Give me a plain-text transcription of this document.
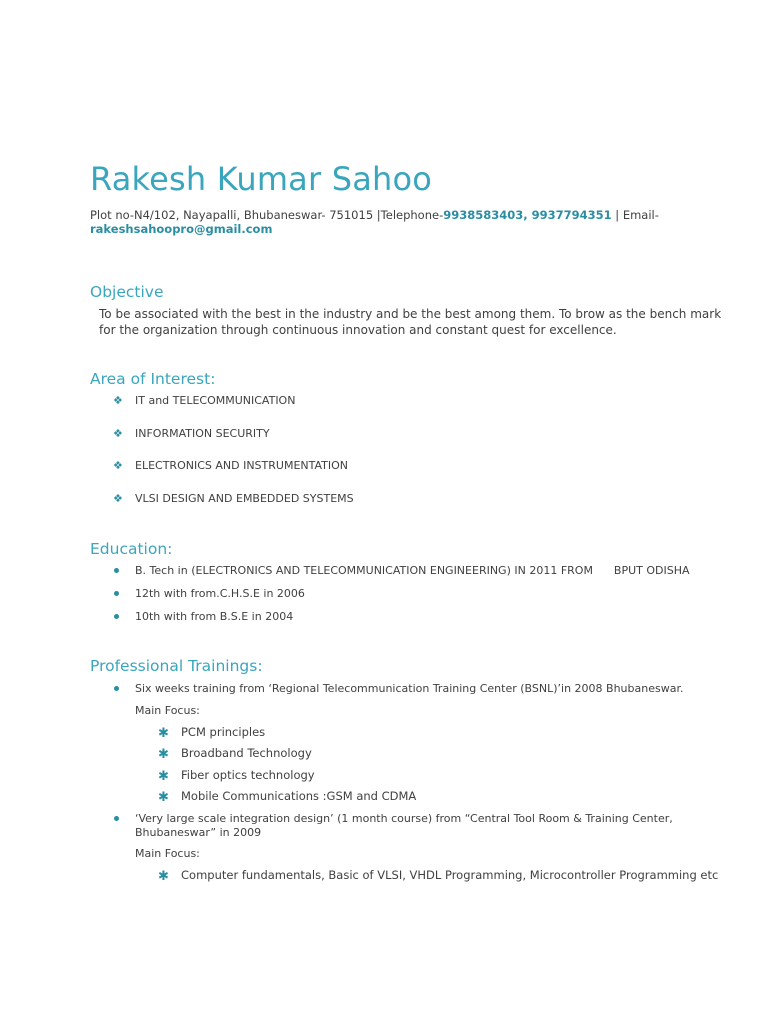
Rakesh Kumar Sahoo
Plot no-N4/102, Nayapalli, Bhubaneswar- 751015 |Telephone-9938583403, 9937794351 | Email-
rakeshsahoopro@gmail.com
Objective
To be associated with the best in the industry and be the best among them. To brow as the bench mark for the organization through continuous innovation and constant quest for excellence.
Area of Interest:
❖ IT and TELECOMMUNICATION
❖ INFORMATION SECURITY
❖ ELECTRONICS AND INSTRUMENTATION
❖ VLSI DESIGN AND EMBEDDED SYSTEMS
Education:
B. Tech in (ELECTRONICS AND TELECOMMUNICATION ENGINEERING) IN 2011 FROM      BPUT ODISHA
12th with from.C.H.S.E in 2006
10th with from B.S.E in 2004
Professional Trainings:
Six weeks training from ‘Regional Telecommunication Training Center (BSNL)’in 2008 Bhubaneswar.
Main Focus:
✱ PCM principles
✱ Broadband Technology
✱ Fiber optics technology
✱ Mobile Communications :GSM and CDMA
‘Very large scale integration design’ (1 month course) from “Central Tool Room & Training Center,
Bhubaneswar” in 2009
Main Focus:
✱ Computer fundamentals, Basic of VLSI, VHDL Programming, Microcontroller Programming etc
